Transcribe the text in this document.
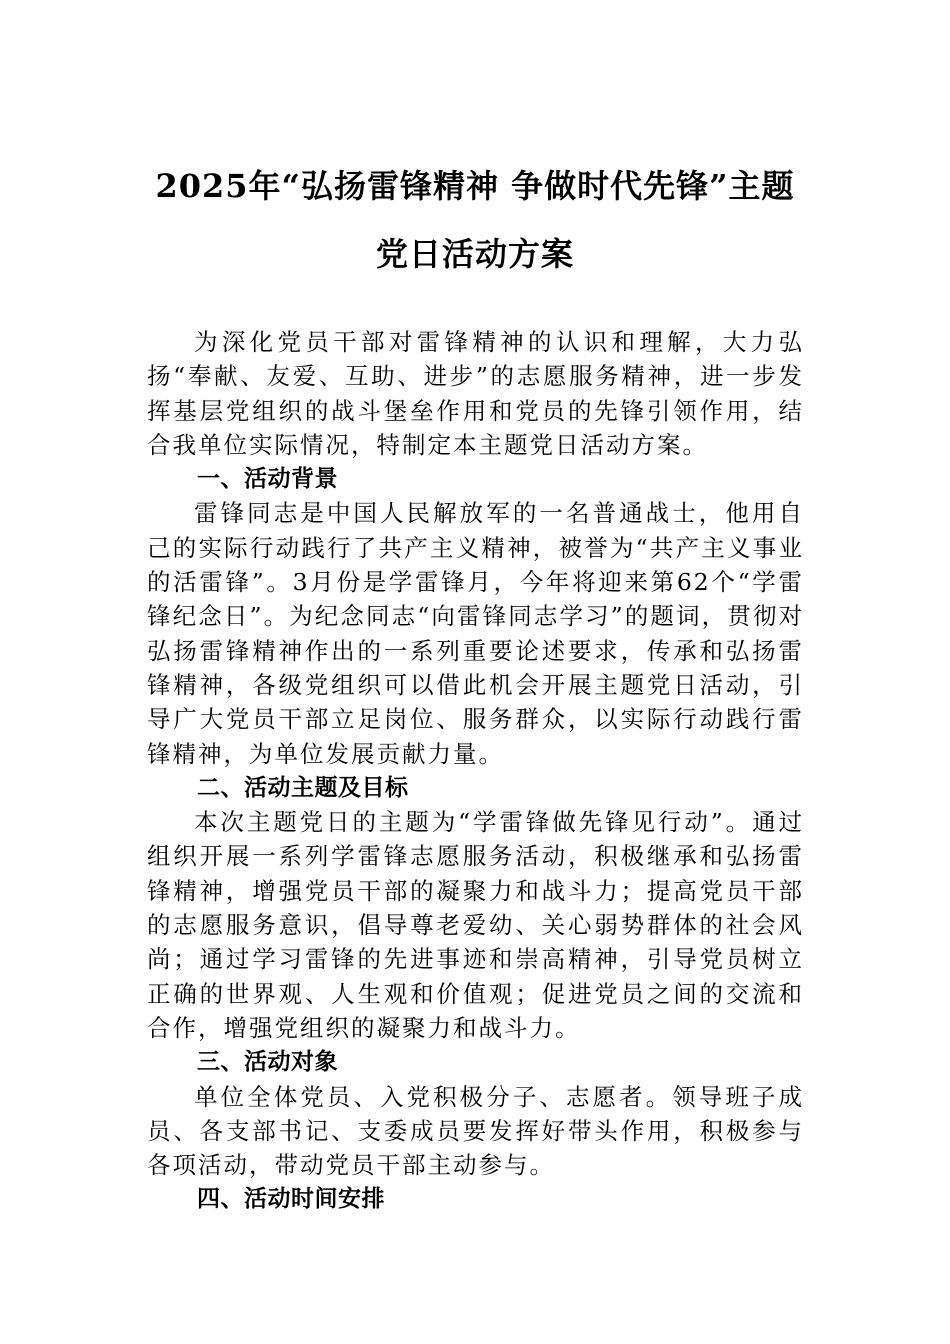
2025年“弘扬雷锋精神 争做时代先锋”主题党日活动方案

为深化党员干部对雷锋精神的认识和理解，大力弘扬“奉献、友爱、互助、进步”的志愿服务精神，进一步发挥基层党组织的战斗堡垒作用和党员的先锋引领作用，结合我单位实际情况，特制定本主题党日活动方案。

一、活动背景

雷锋同志是中国人民解放军的一名普通战士，他用自己的实际行动践行了共产主义精神，被誉为“共产主义事业的活雷锋”。3月份是学雷锋月，今年将迎来第62个“学雷锋纪念日”。为纪念同志“向雷锋同志学习”的题词，贯彻对弘扬雷锋精神作出的一系列重要论述要求，传承和弘扬雷锋精神，各级党组织可以借此机会开展主题党日活动，引导广大党员干部立足岗位、服务群众，以实际行动践行雷锋精神，为单位发展贡献力量。

二、活动主题及目标

本次主题党日的主题为“学雷锋做先锋见行动”。通过组织开展一系列学雷锋志愿服务活动，积极继承和弘扬雷锋精神，增强党员干部的凝聚力和战斗力；提高党员干部的志愿服务意识，倡导尊老爱幼、关心弱势群体的社会风尚；通过学习雷锋的先进事迹和崇高精神，引导党员树立正确的世界观、人生观和价值观；促进党员之间的交流和合作，增强党组织的凝聚力和战斗力。

三、活动对象

单位全体党员、入党积极分子、志愿者。领导班子成员、各支部书记、支委成员要发挥好带头作用，积极参与各项活动，带动党员干部主动参与。

四、活动时间安排
